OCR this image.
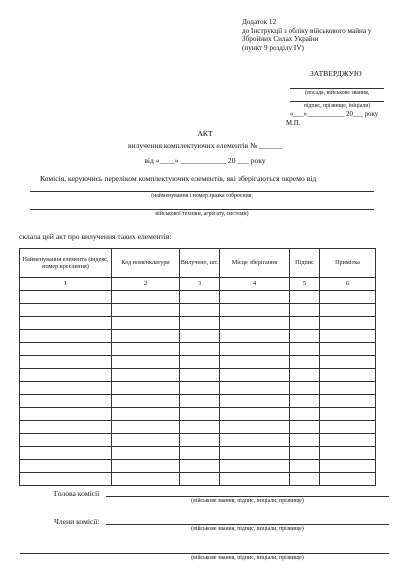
Додаток 12
до Інструкції з обліку військового майна у
Збройних Силах України
(пункт 9 розділу IV)
ЗАТВЕРДЖУЮ
(посада, військове звання,
підпис, прізвище, ініціали)
«___»___________ 20___ року
М.П.
АКТ
вилучення комплектуючих елементів № ______
від «____» ____________ 20 ___ року
Комісія, керуючись переліком комплектуючих елементів, які зберігаються окремо від
(найменування і номер зразка озброєння,
військової техніки, агрегату, системи)
склала цей акт про вилучення таких елементів:
Найменування елемента (індекс, номер креслення)	Код номенклатури	Вилучено, шт.	Місце зберігання	Підпис	Примітка
1	2	3	4	5	6

Голова комісії
(військове звання, підпис, ініціали, прізвище)
Члени комісії:
(військове звання, підпис, ініціали, прізвище)
(військове звання, підпис, ініціали, прізвище)
